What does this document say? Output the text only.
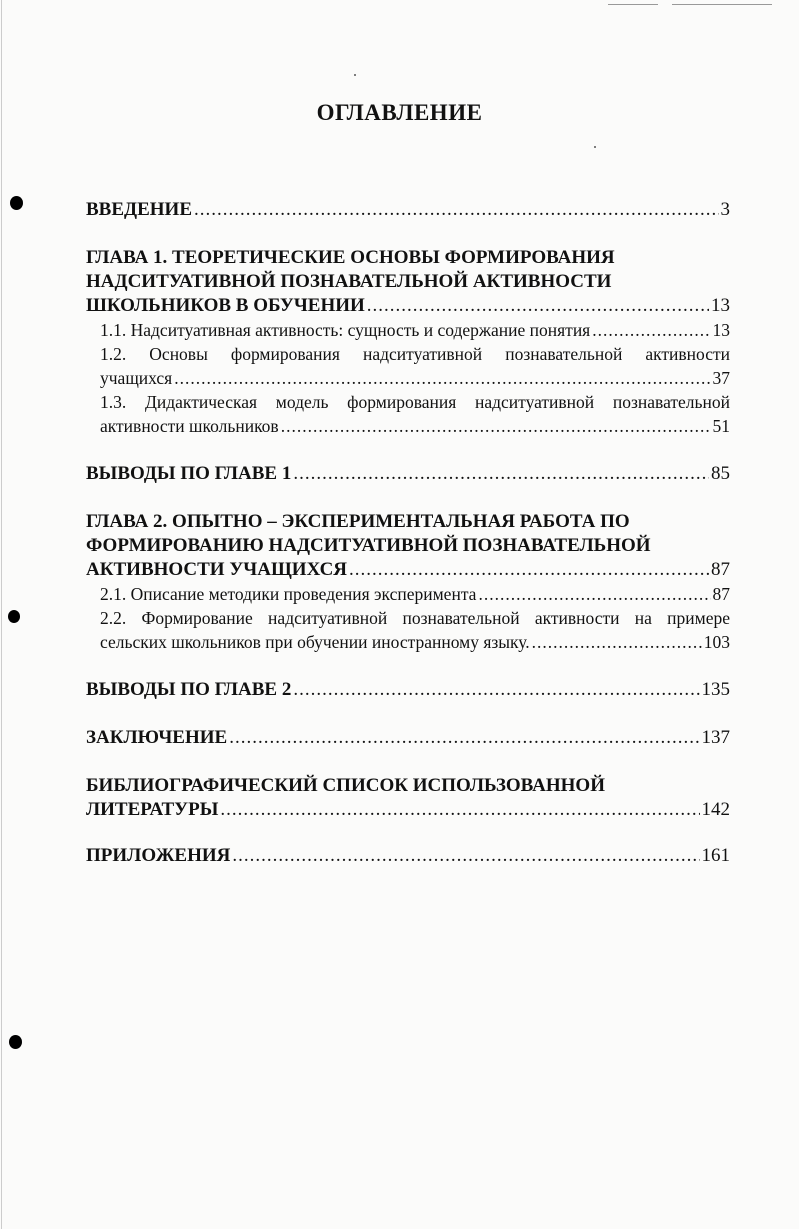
ОГЛАВЛЕНИЕ
ВВЕДЕНИЕ .....	3
ГЛАВА 1. ТЕОРЕТИЧЕСКИЕ ОСНОВЫ ФОРМИРОВАНИЯ
НАДСИТУАТИВНОЙ ПОЗНАВАТЕЛЬНОЙ АКТИВНОСТИ
ШКОЛЬНИКОВ В ОБУЧЕНИИ .....	13
1.1. Надситуативная активность: сущность и содержание понятия .....	13
1.2. Основы формирования надситуативной познавательной активности
учащихся .....	37
1.3. Дидактическая модель формирования надситуативной познавательной
активности школьников .....	51
ВЫВОДЫ ПО ГЛАВЕ 1 .....	85
ГЛАВА 2. ОПЫТНО – ЭКСПЕРИМЕНТАЛЬНАЯ РАБОТА ПО
ФОРМИРОВАНИЮ НАДСИТУАТИВНОЙ ПОЗНАВАТЕЛЬНОЙ
АКТИВНОСТИ УЧАЩИХСЯ .....	87
2.1. Описание методики проведения эксперимента .....	87
2.2. Формирование надситуативной познавательной активности на примере
сельских школьников при обучении иностранному языку. .....	103
ВЫВОДЫ ПО ГЛАВЕ 2 .....	135
ЗАКЛЮЧЕНИЕ .....	137
БИБЛИОГРАФИЧЕСКИЙ СПИСОК ИСПОЛЬЗОВАННОЙ
ЛИТЕРАТУРЫ .....	142
ПРИЛОЖЕНИЯ .....	161
